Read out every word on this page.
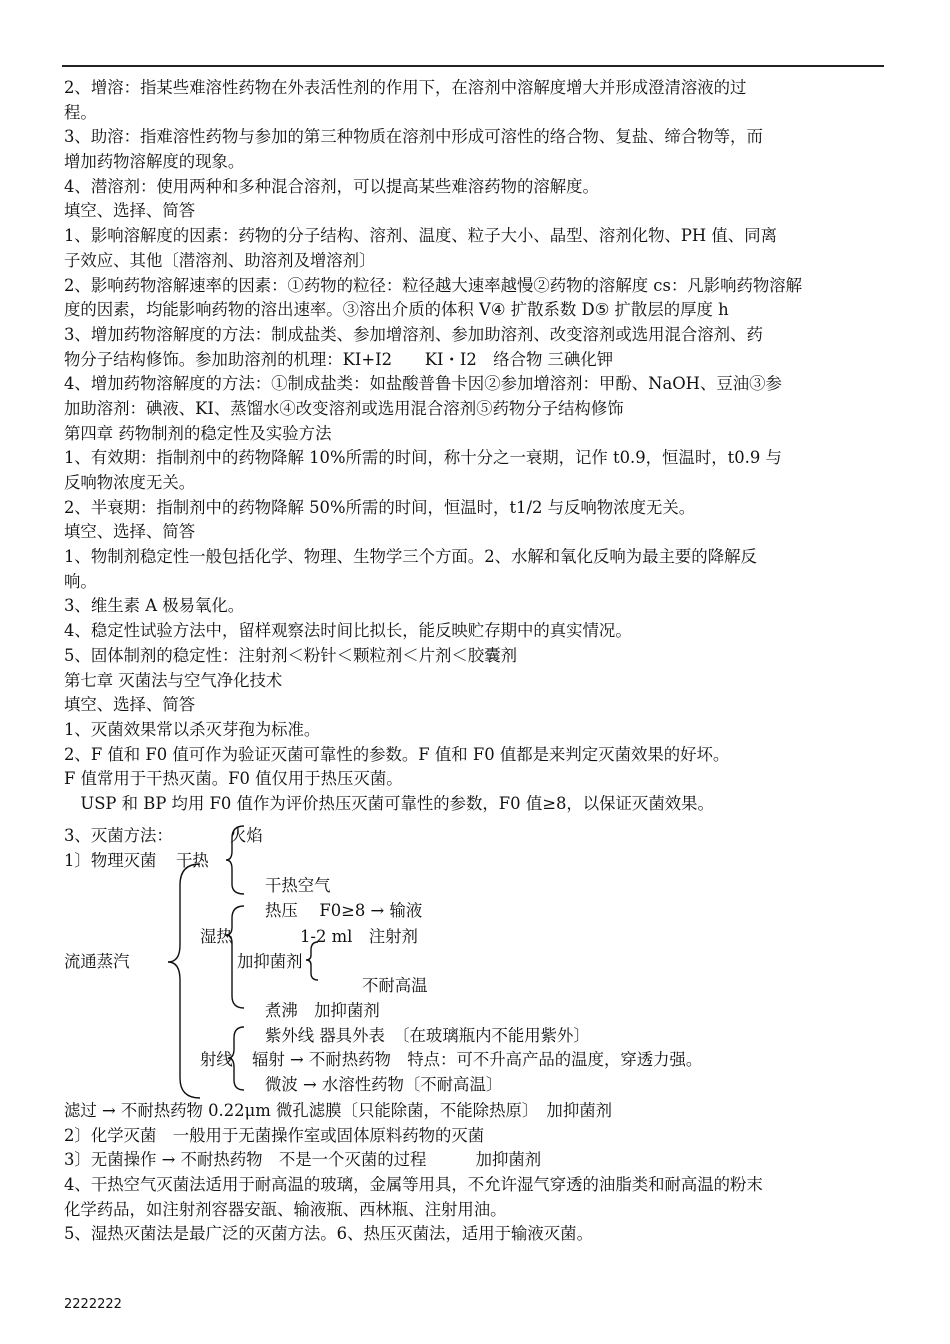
2、增溶：指某些难溶性药物在外表活性剂的作用下，在溶剂中溶解度增大并形成澄清溶液的过
程。
3、助溶：指难溶性药物与参加的第三种物质在溶剂中形成可溶性的络合物、复盐、缔合物等，而
增加药物溶解度的现象。
4、潜溶剂：使用两种和多种混合溶剂，可以提高某些难溶药物的溶解度。
填空、选择、简答
1、影响溶解度的因素：药物的分子结构、溶剂、温度、粒子大小、晶型、溶剂化物、PH 值、同离
子效应、其他〔潜溶剂、助溶剂及增溶剂〕
2、影响药物溶解速率的因素：①药物的粒径：粒径越大速率越慢②药物的溶解度 cs：凡影响药物溶解
度的因素，均能影响药物的溶出速率。③溶出介质的体积 V④ 扩散系数 D⑤ 扩散层的厚度 h
3、增加药物溶解度的方法：制成盐类、参加增溶剂、参加助溶剂、改变溶剂或选用混合溶剂、药
物分子结构修饰。参加助溶剂的机理：KI+I2　　KI・I2　络合物 三碘化钾
4、增加药物溶解度的方法：①制成盐类：如盐酸普鲁卡因②参加增溶剂：甲酚、NaOH、豆油③参
加助溶剂：碘液、KI、蒸馏水④改变溶剂或选用混合溶剂⑤药物分子结构修饰
第四章 药物制剂的稳定性及实验方法
1、有效期：指制剂中的药物降解 10%所需的时间，称十分之一衰期，记作 t0.9，恒温时，t0.9 与
反响物浓度无关。
2、半衰期：指制剂中的药物降解 50%所需的时间，恒温时，t1/2 与反响物浓度无关。
填空、选择、简答
1、物制剂稳定性一般包括化学、物理、生物学三个方面。2、水解和氧化反响为最主要的降解反
响。
3、维生素 A 极易氧化。
4、稳定性试验方法中，留样观察法时间比拟长，能反映贮存期中的真实情况。
5、固体制剂的稳定性：注射剂＜粉针＜颗粒剂＜片剂＜胶囊剂
第七章 灭菌法与空气净化技术
填空、选择、简答
1、灭菌效果常以杀灭芽孢为标准。
2、F 值和 F0 值可作为验证灭菌可靠性的参数。F 值和 F0 值都是来判定灭菌效果的好坏。
F 值常用于干热灭菌。F0 值仅用于热压灭菌。
　USP 和 BP 均用 F0 值作为评价热压灭菌可靠性的参数，F0 值≥8，以保证灭菌效果。
3、灭菌方法：	火焰
1〕物理灭菌 干热
干热空气
热压　 F0≥8 → 输液
湿热	1-2 ml　注射剂
流通蒸汽	加抑菌剂
不耐高温
煮沸　加抑菌剂
紫外线 器具外表　〔在玻璃瓶内不能用紫外〕
射线 辐射 → 不耐热药物　特点：可不升高产品的温度，穿透力强。
微波 → 水溶性药物〔不耐高温〕
滤过 → 不耐热药物 0.22μm 微孔滤膜〔只能除菌，不能除热原〕　加抑菌剂
2〕化学灭菌　一般用于无菌操作室或固体原料药物的灭菌
3〕无菌操作 → 不耐热药物　不是一个灭菌的过程　　　加抑菌剂
4、干热空气灭菌法适用于耐高温的玻璃，金属等用具，不允许湿气穿透的油脂类和耐高温的粉末
化学药品，如注射剂容器安瓿、输液瓶、西林瓶、注射用油。
5、湿热灭菌法是最广泛的灭菌方法。6、热压灭菌法，适用于输液灭菌。
2222222
